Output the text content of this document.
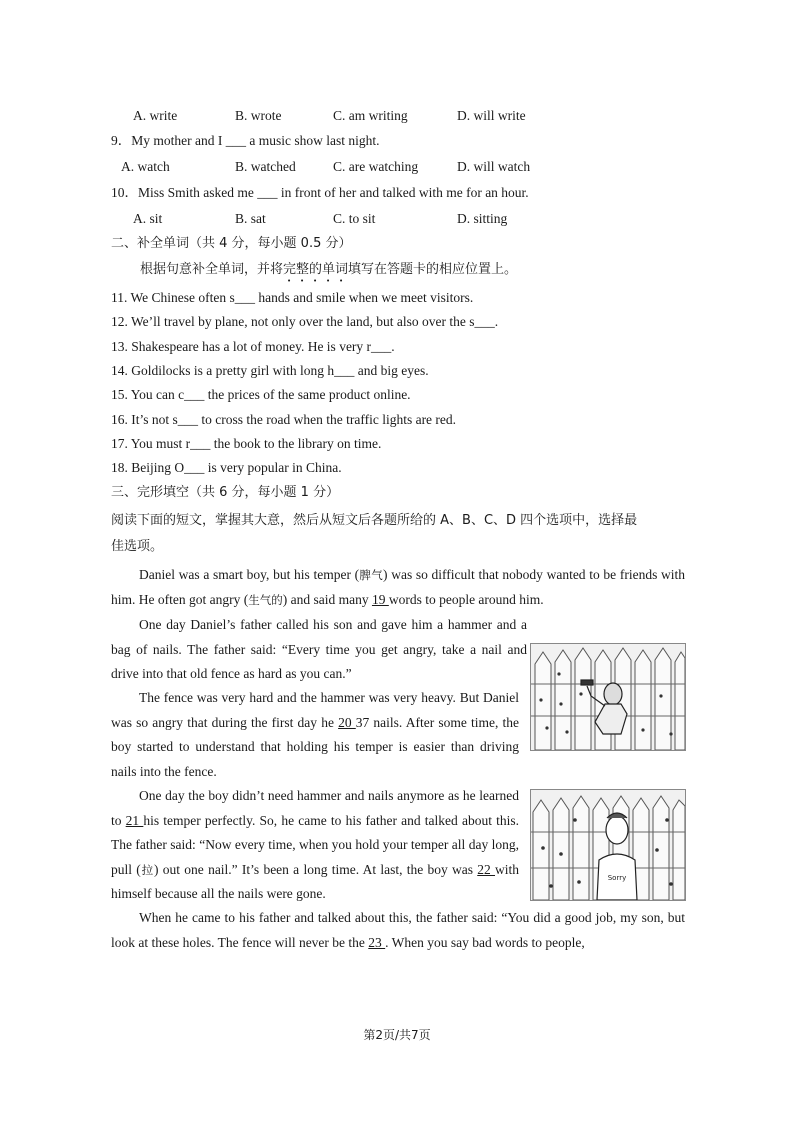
A. write	B. wrote	C. am writing	D. will write
9．My mother and I ___ a music show last night.
A. watch	B. watched	C. are watching	D. will watch
10．Miss Smith asked me ___ in front of her and talked with me for an hour.
A. sit	B. sat	C. to sit	D. sitting
二、补全单词（共 4 分，每小题 0.5 分）
根据句意补全单词，并将完整的单词填写在答题卡的相应位置上。
11. We Chinese often s___ hands and smile when we meet visitors.
12. We’ll travel by plane, not only over the land, but also over the s___.
13. Shakespeare has a lot of money. He is very r___.
14. Goldilocks is a pretty girl with long h___ and big eyes.
15. You can c___ the prices of the same product online.
16. It’s not s___ to cross the road when the traffic lights are red.
17. You must r___ the book to the library on time.
18. Beijing O___ is very popular in China.
三、完形填空（共 6 分，每小题 1 分）
阅读下面的短文，掌握其大意，然后从短文后各题所给的 A、B、C、D 四个选项中，选择最
佳选项。
Daniel was a smart boy, but his temper (脾气) was so difficult that nobody wanted to be friends with him. He often got angry (生气的) and said many 19 words to people around him.
One day Daniel’s father called his son and gave him a hammer and a bag of nails. The father said: “Every time you get angry, take a nail and drive into that old fence as hard as you can.”
The fence was very hard and the hammer was very heavy. But Daniel was so angry that during the first day he 20 37 nails. After some time, the boy started to understand that holding his temper is easier than driving nails into the fence.
One day the boy didn’t need hammer and nails anymore as he learned to 21 his temper perfectly. So, he came to his father and talked about this. The father said: “Now every time, when you hold your temper all day long, pull (拉) out one nail.” It’s been a long time. At last, the boy was 22 with himself because all the nails were gone.
When he came to his father and talked about this, the father said: “You did a good job, my son, but look at these holes. The fence will never be the 23 . When you say bad words to people,
Sorry
第2页/共7页
